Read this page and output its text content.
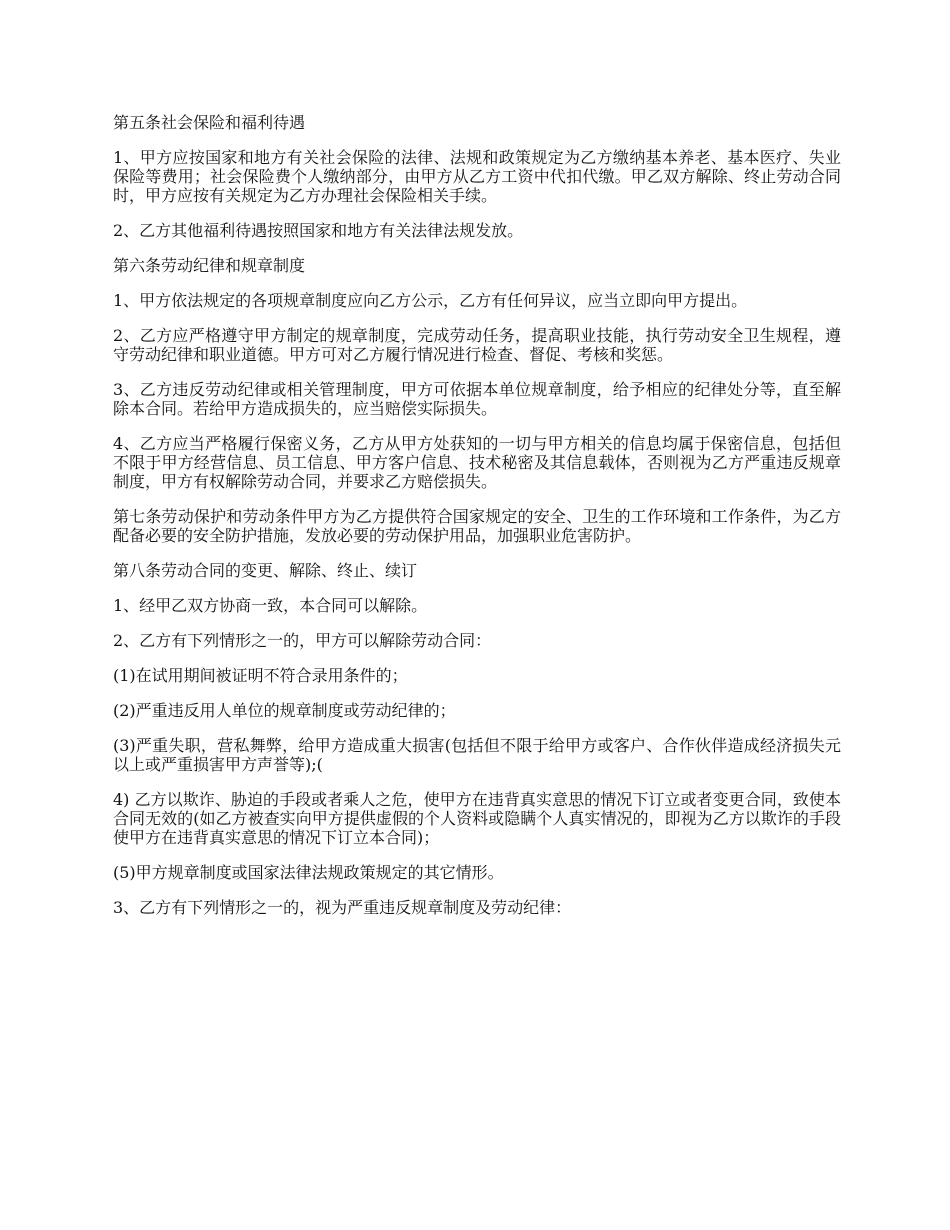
第五条社会保险和福利待遇

1、甲方应按国家和地方有关社会保险的法律、法规和政策规定为乙方缴纳基本养老、基本医疗、失业保险等费用；社会保险费个人缴纳部分，由甲方从乙方工资中代扣代缴。甲乙双方解除、终止劳动合同时，甲方应按有关规定为乙方办理社会保险相关手续。

2、乙方其他福利待遇按照国家和地方有关法律法规发放。

第六条劳动纪律和规章制度

1、甲方依法规定的各项规章制度应向乙方公示，乙方有任何异议，应当立即向甲方提出。

2、乙方应严格遵守甲方制定的规章制度，完成劳动任务，提高职业技能，执行劳动安全卫生规程，遵守劳动纪律和职业道德。甲方可对乙方履行情况进行检查、督促、考核和奖惩。

3、乙方违反劳动纪律或相关管理制度，甲方可依据本单位规章制度，给予相应的纪律处分等，直至解除本合同。若给甲方造成损失的，应当赔偿实际损失。

4、乙方应当严格履行保密义务，乙方从甲方处获知的一切与甲方相关的信息均属于保密信息，包括但不限于甲方经营信息、员工信息、甲方客户信息、技术秘密及其信息载体，否则视为乙方严重违反规章制度，甲方有权解除劳动合同，并要求乙方赔偿损失。

第七条劳动保护和劳动条件甲方为乙方提供符合国家规定的安全、卫生的工作环境和工作条件，为乙方配备必要的安全防护措施，发放必要的劳动保护用品，加强职业危害防护。

第八条劳动合同的变更、解除、终止、续订

1、经甲乙双方协商一致，本合同可以解除。

2、乙方有下列情形之一的，甲方可以解除劳动合同：

(1)在试用期间被证明不符合录用条件的；

(2)严重违反用人单位的规章制度或劳动纪律的；

(3)严重失职，营私舞弊，给甲方造成重大损害(包括但不限于给甲方或客户、合作伙伴造成经济损失元以上或严重损害甲方声誉等);(

4) 乙方以欺诈、胁迫的手段或者乘人之危，使甲方在违背真实意思的情况下订立或者变更合同，致使本合同无效的(如乙方被查实向甲方提供虚假的个人资料或隐瞒个人真实情况的，即视为乙方以欺诈的手段使甲方在违背真实意思的情况下订立本合同)；

(5)甲方规章制度或国家法律法规政策规定的其它情形。

3、乙方有下列情形之一的，视为严重违反规章制度及劳动纪律：
